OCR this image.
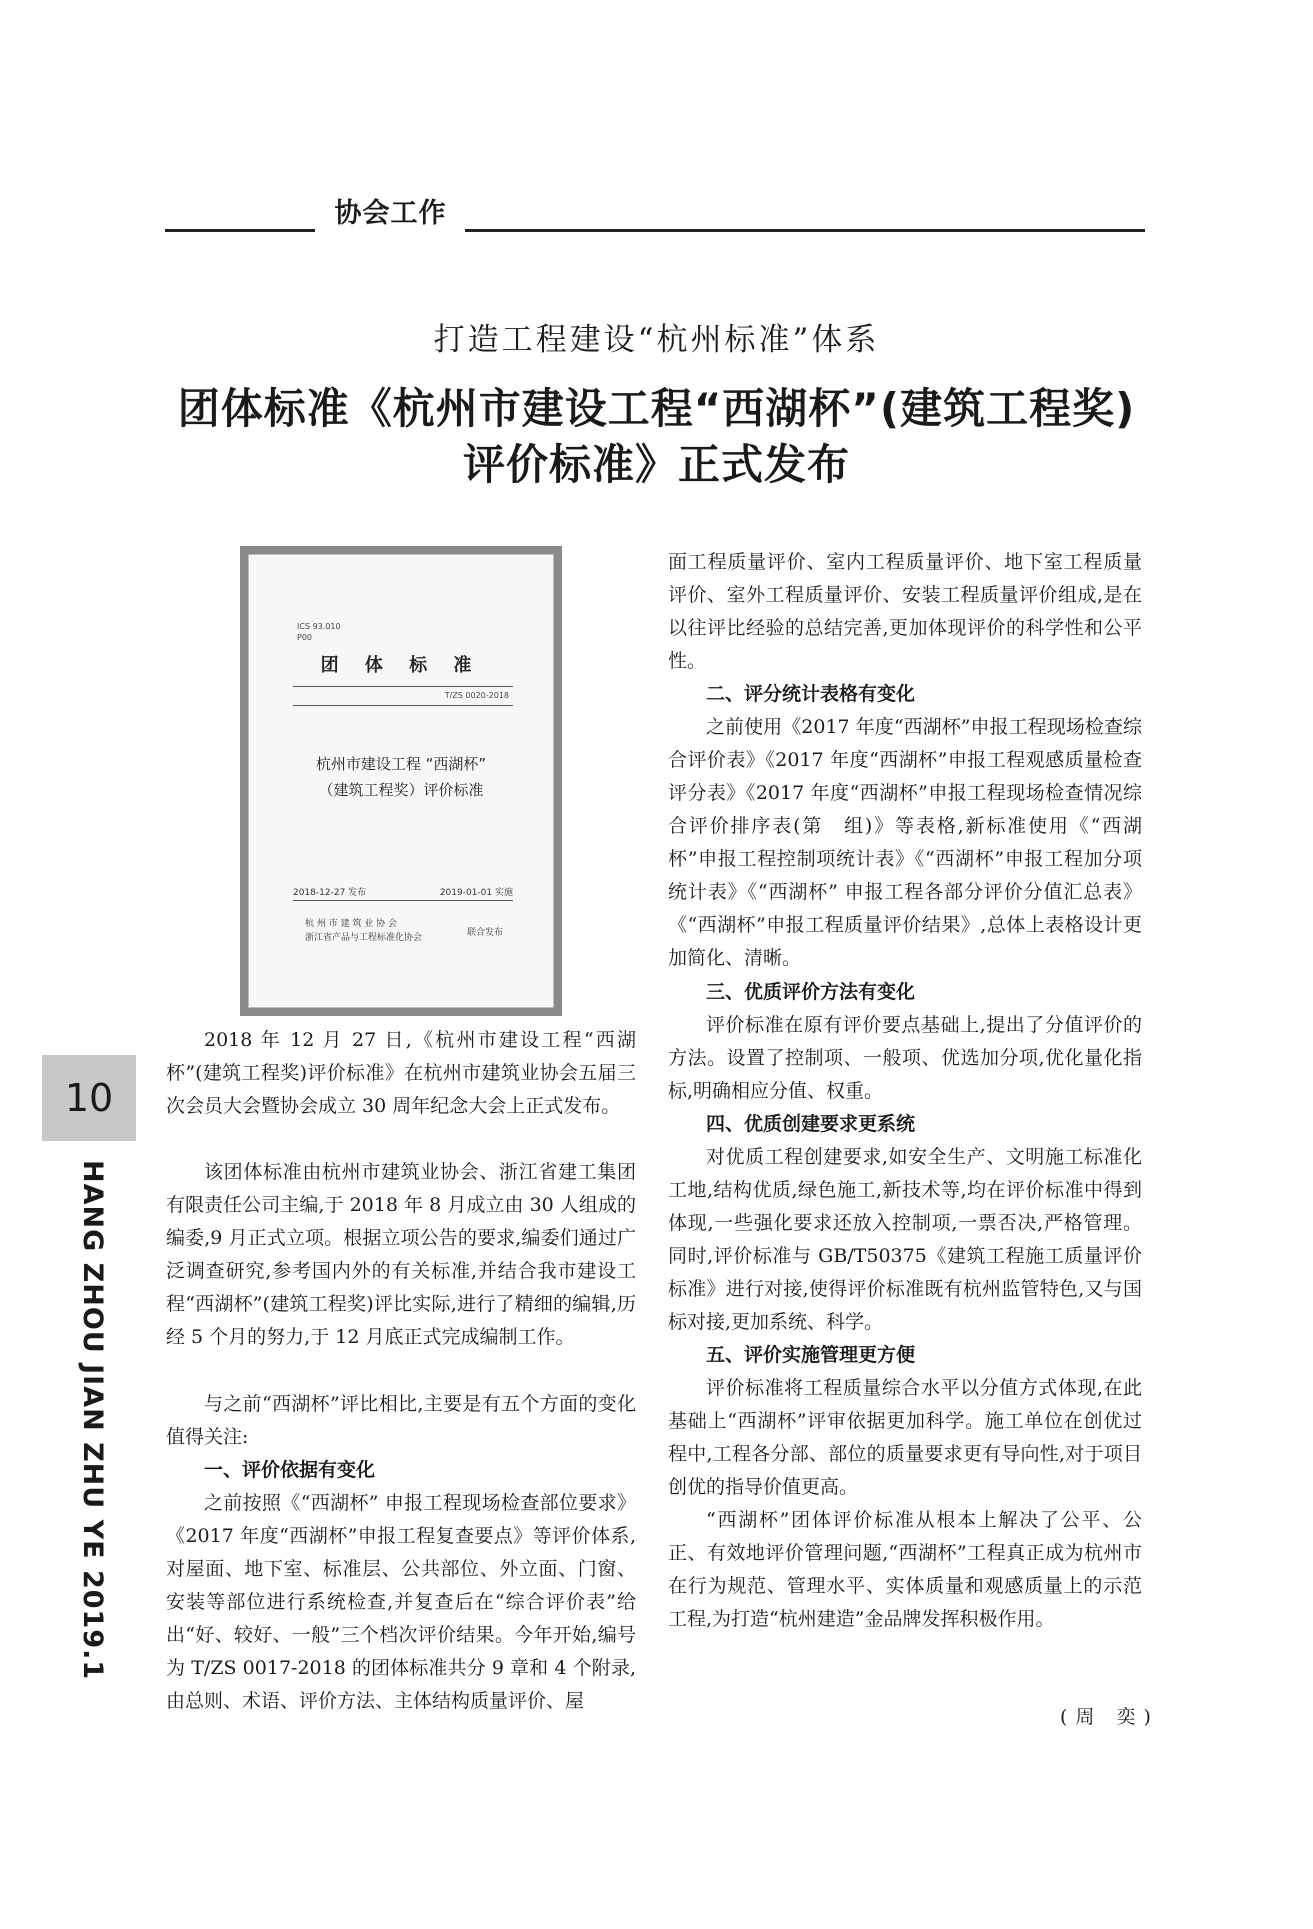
协会工作
打造工程建设“杭州标准”体系
团体标准《杭州市建设工程“西湖杯”(建筑工程奖)
评价标准》正式发布
ICS 93.010
P00
团 体 标 准
T/ZS 0020-2018
杭州市建设工程 “西湖杯”
（建筑工程奖）评价标准
2018-12-27 发布	2019-01-01 实施
杭 州 市 建 筑 业 协 会
浙江省产品与工程标准化协会	联合发布
10
HANG ZHOU JIAN ZHU YE 2019.1

2018 年 12 月 27 日,《杭州市建设工程“西湖杯”(建筑工程奖)评价标准》在杭州市建筑业协会五届三次会员大会暨协会成立 30 周年纪念大会上正式发布。

该团体标准由杭州市建筑业协会、浙江省建工集团有限责任公司主编,于 2018 年 8 月成立由 30 人组成的编委,9 月正式立项。根据立项公告的要求,编委们通过广泛调查研究,参考国内外的有关标准,并结合我市建设工程“西湖杯”(建筑工程奖)评比实际,进行了精细的编辑,历经 5 个月的努力,于 12 月底正式完成编制工作。

与之前“西湖杯”评比相比,主要是有五个方面的变化值得关注:

一、评价依据有变化

之前按照《“西湖杯” 申报工程现场检查部位要求》《2017 年度“西湖杯”申报工程复查要点》等评价体系,对屋面、地下室、标准层、公共部位、外立面、门窗、安装等部位进行系统检查,并复查后在“综合评价表”给出“好、较好、一般”三个档次评价结果。今年开始,编号为 T/ZS 0017-2018 的团体标准共分 9 章和 4 个附录,由总则、术语、评价方法、主体结构质量评价、屋

面工程质量评价、室内工程质量评价、地下室工程质量评价、室外工程质量评价、安装工程质量评价组成,是在以往评比经验的总结完善,更加体现评价的科学性和公平性。

二、评分统计表格有变化

之前使用《2017 年度“西湖杯”申报工程现场检查综合评价表》《2017 年度“西湖杯”申报工程观感质量检查评分表》《2017 年度“西湖杯”申报工程现场检查情况综合评价排序表(第　组)》等表格,新标准使用《“西湖杯”申报工程控制项统计表》《“西湖杯”申报工程加分项统计表》《“西湖杯” 申报工程各部分评价分值汇总表》《“西湖杯”申报工程质量评价结果》,总体上表格设计更加简化、清晰。

三、优质评价方法有变化

评价标准在原有评价要点基础上,提出了分值评价的方法。设置了控制项、一般项、优选加分项,优化量化指标,明确相应分值、权重。

四、优质创建要求更系统

对优质工程创建要求,如安全生产、文明施工标准化工地,结构优质,绿色施工,新技术等,均在评价标准中得到体现,一些强化要求还放入控制项,一票否决,严格管理。同时,评价标准与 GB/T50375《建筑工程施工质量评价标准》进行对接,使得评价标准既有杭州监管特色,又与国标对接,更加系统、科学。

五、评价实施管理更方便

评价标准将工程质量综合水平以分值方式体现,在此基础上“西湖杯”评审依据更加科学。施工单位在创优过程中,工程各分部、部位的质量要求更有导向性,对于项目创优的指导价值更高。

“西湖杯”团体评价标准从根本上解决了公平、公正、有效地评价管理问题,“西湖杯”工程真正成为杭州市在行为规范、管理水平、实体质量和观感质量上的示范工程,为打造“杭州建造”金品牌发挥积极作用。

(周 奕)
